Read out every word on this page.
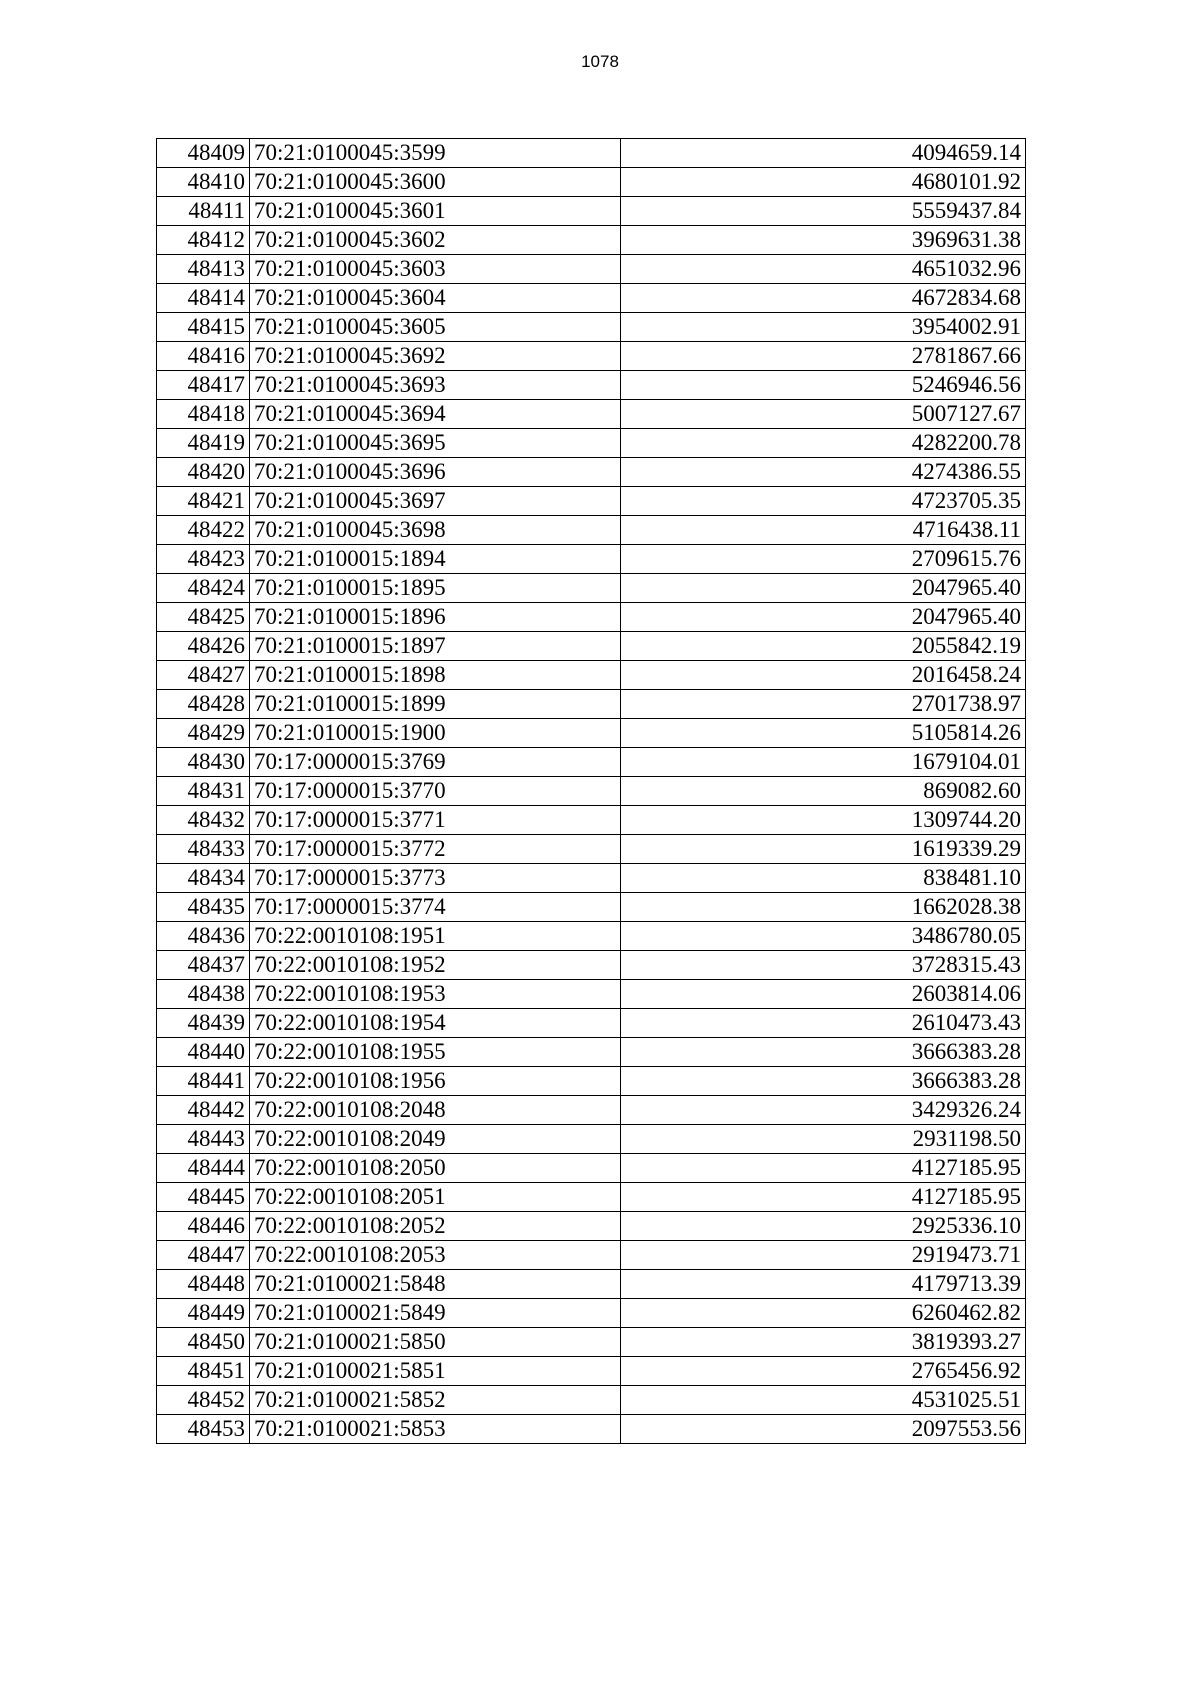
1078
48409	70:21:0100045:3599	4094659.14
48410	70:21:0100045:3600	4680101.92
48411	70:21:0100045:3601	5559437.84
48412	70:21:0100045:3602	3969631.38
48413	70:21:0100045:3603	4651032.96
48414	70:21:0100045:3604	4672834.68
48415	70:21:0100045:3605	3954002.91
48416	70:21:0100045:3692	2781867.66
48417	70:21:0100045:3693	5246946.56
48418	70:21:0100045:3694	5007127.67
48419	70:21:0100045:3695	4282200.78
48420	70:21:0100045:3696	4274386.55
48421	70:21:0100045:3697	4723705.35
48422	70:21:0100045:3698	4716438.11
48423	70:21:0100015:1894	2709615.76
48424	70:21:0100015:1895	2047965.40
48425	70:21:0100015:1896	2047965.40
48426	70:21:0100015:1897	2055842.19
48427	70:21:0100015:1898	2016458.24
48428	70:21:0100015:1899	2701738.97
48429	70:21:0100015:1900	5105814.26
48430	70:17:0000015:3769	1679104.01
48431	70:17:0000015:3770	869082.60
48432	70:17:0000015:3771	1309744.20
48433	70:17:0000015:3772	1619339.29
48434	70:17:0000015:3773	838481.10
48435	70:17:0000015:3774	1662028.38
48436	70:22:0010108:1951	3486780.05
48437	70:22:0010108:1952	3728315.43
48438	70:22:0010108:1953	2603814.06
48439	70:22:0010108:1954	2610473.43
48440	70:22:0010108:1955	3666383.28
48441	70:22:0010108:1956	3666383.28
48442	70:22:0010108:2048	3429326.24
48443	70:22:0010108:2049	2931198.50
48444	70:22:0010108:2050	4127185.95
48445	70:22:0010108:2051	4127185.95
48446	70:22:0010108:2052	2925336.10
48447	70:22:0010108:2053	2919473.71
48448	70:21:0100021:5848	4179713.39
48449	70:21:0100021:5849	6260462.82
48450	70:21:0100021:5850	3819393.27
48451	70:21:0100021:5851	2765456.92
48452	70:21:0100021:5852	4531025.51
48453	70:21:0100021:5853	2097553.56
